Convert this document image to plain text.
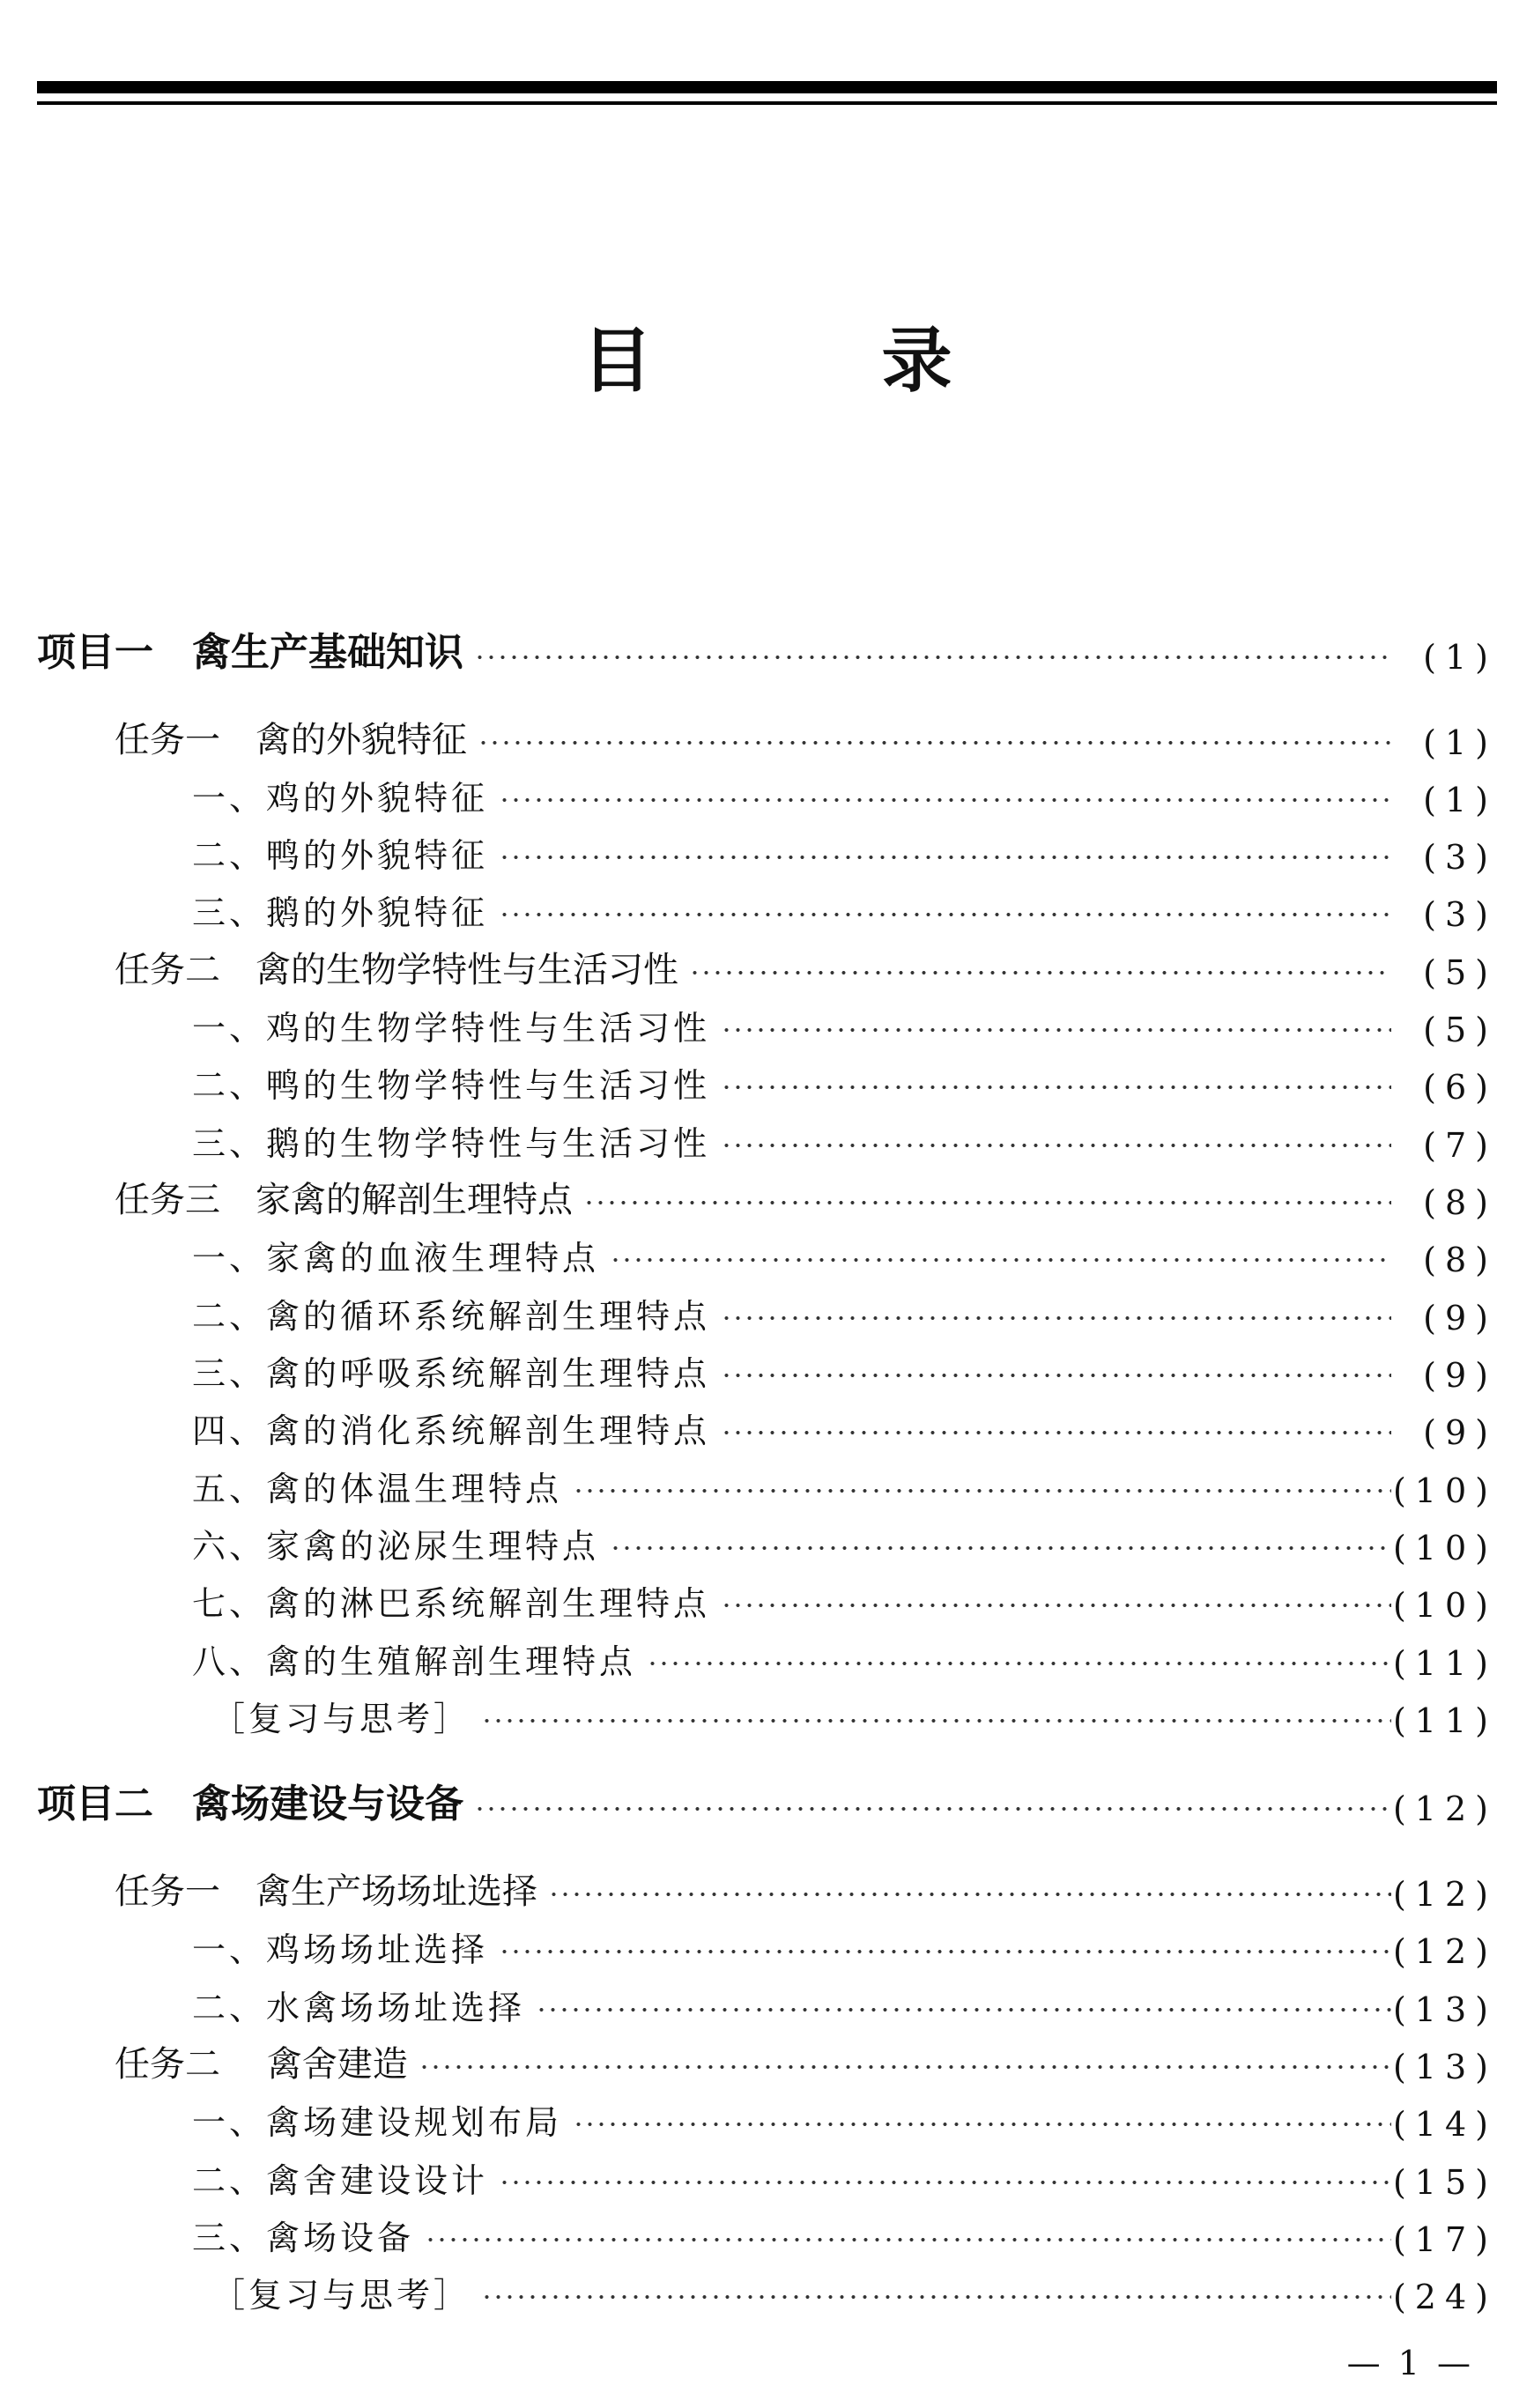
目　录
项目一　禽生产基础知识	(1)
任务一　禽的外貌特征	(1)
一、鸡的外貌特征	(1)
二、鸭的外貌特征	(3)
三、鹅的外貌特征	(3)
任务二　禽的生物学特性与生活习性	(5)
一、鸡的生物学特性与生活习性	(5)
二、鸭的生物学特性与生活习性	(6)
三、鹅的生物学特性与生活习性	(7)
任务三　家禽的解剖生理特点	(8)
一、家禽的血液生理特点	(8)
二、禽的循环系统解剖生理特点	(9)
三、禽的呼吸系统解剖生理特点	(9)
四、禽的消化系统解剖生理特点	(9)
五、禽的体温生理特点	(10)
六、家禽的泌尿生理特点	(10)
七、禽的淋巴系统解剖生理特点	(10)
八、禽的生殖解剖生理特点	(11)
［复习与思考］	(11)
项目二　禽场建设与设备	(12)
任务一　禽生产场场址选择	(12)
一、鸡场场址选择	(12)
二、水禽场场址选择	(13)
任务二　 禽舍建造	(13)
一、禽场建设规划布局	(14)
二、禽舍建设设计	(15)
三、禽场设备	(17)
［复习与思考］	(24)
— 1 —
